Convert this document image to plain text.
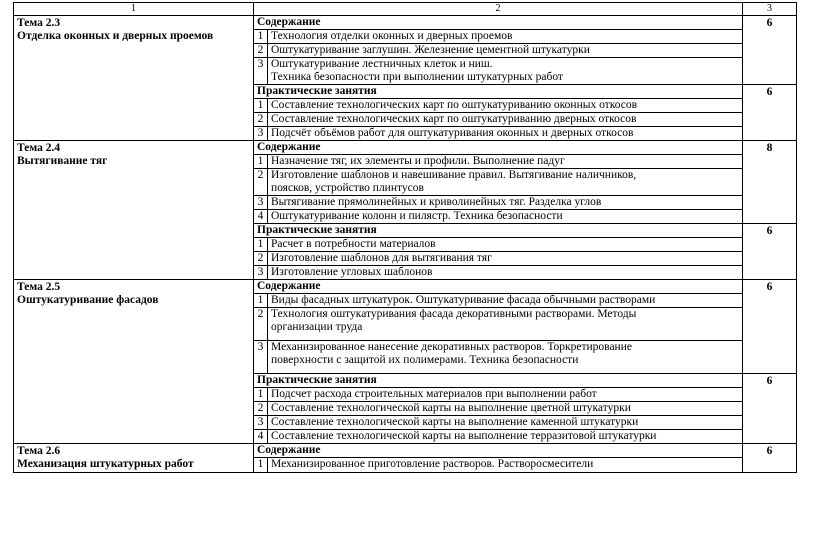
1	2		3

Тема 2.3
Отделка оконных и дверных проемов	Содержание		6
	1	Технология отделки оконных и дверных проемов	
	2	Оштукатуривание заглушин. Железнение цементной штукатурки	
	3	Оштукатуривание лестничных клеток и ниш.
Техника безопасности при выполнении штукатурных работ	
	Практические занятия		6
	1	Составление технологических карт по оштукатуриванию оконных откосов	
	2	Составление технологических карт по оштукатуриванию дверных откосов	
	3	Подсчёт объёмов работ для оштукатуривания оконных и дверных откосов	

Тема 2.4
Вытягивание тяг	Содержание		8
	1	Назначение тяг, их элементы и профили. Выполнение падуг	
	2	Изготовление шаблонов и навешивание правил. Вытягивание наличников,
поясков, устройство плинтусов	
	3	Вытягивание прямолинейных и криволинейных тяг. Разделка углов	
	4	Оштукатуривание колонн и пилястр. Техника безопасности	
	Практические занятия		6
	1	Расчет в потребности материалов	
	2	Изготовление шаблонов для вытягивания тяг	
	3	Изготовление угловых шаблонов	

Тема 2.5
Оштукатуривание фасадов	Содержание		6
	1	Виды фасадных штукатурок. Оштукатуривание фасада обычными растворами	
	2	Технология оштукатуривания фасада декоративными растворами. Методы
организации труда	
	3	Механизированное нанесение декоративных растворов. Торкретирование
поверхности с защитой их полимерами. Техника безопасности	
	Практические занятия		6
	1	Подсчет расхода строительных материалов при выполнении работ	
	2	Составление технологической карты на выполнение цветной штукатурки	
	3	Составление технологической карты на выполнение каменной штукатурки	
	4	Составление технологической карты на выполнение терразитовой штукатурки	

Тема 2.6
Механизация штукатурных работ	Содержание		6
	1	Механизированное приготовление растворов. Растворосмесители	
